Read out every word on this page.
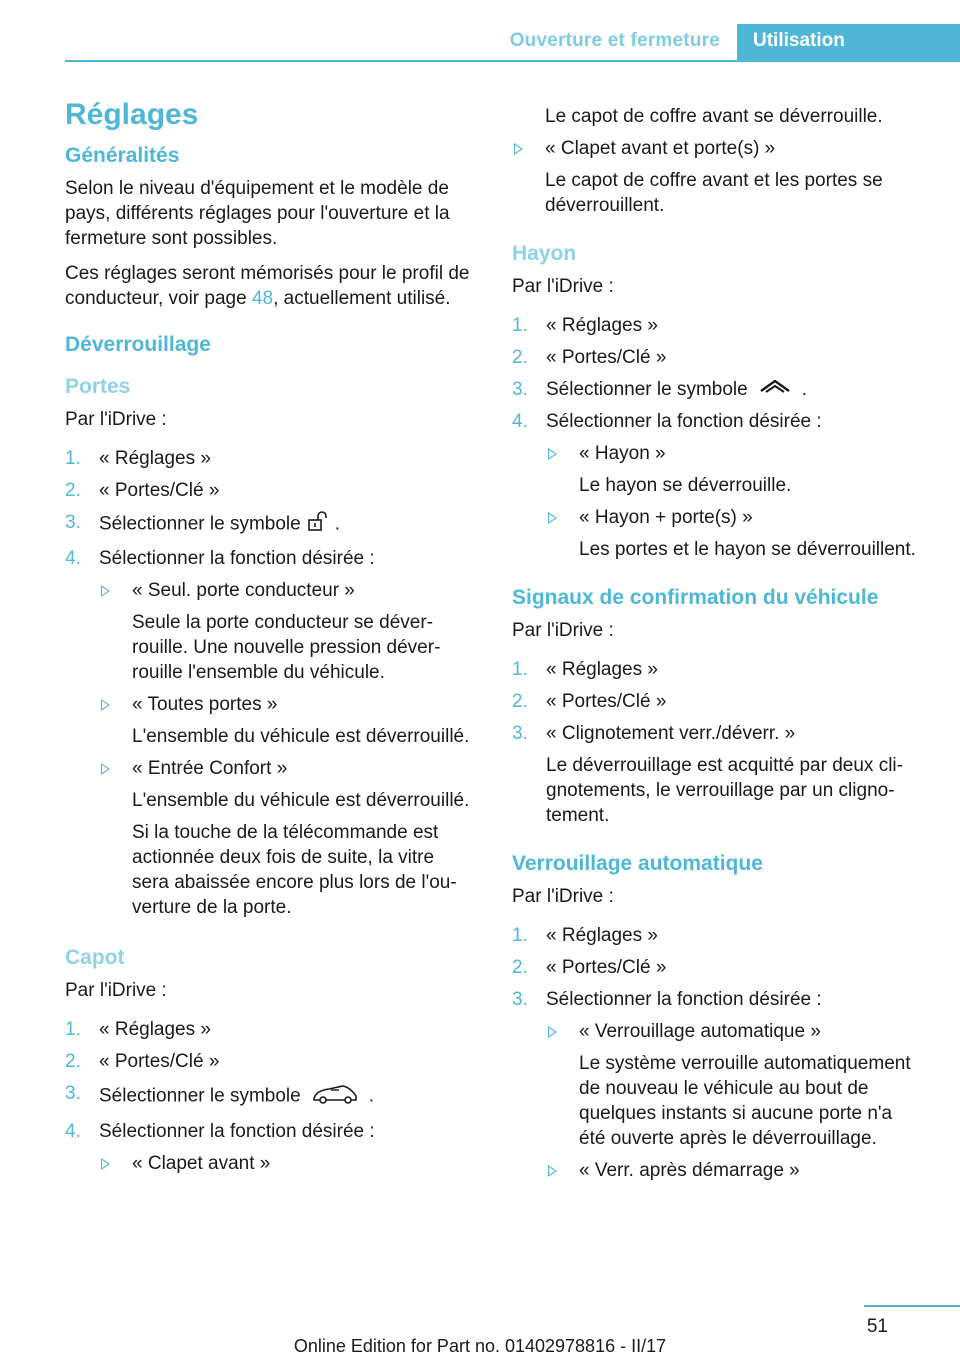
Ouverture et fermeture	Utilisation
Réglages
Généralités

Selon le niveau d'équipement et le modèle de pays, différents réglages pour l'ouverture et la fermeture sont possibles.

Ces réglages seront mémorisés pour le profil de conducteur, voir page 48, actuellement utilisé.

Déverrouillage
Portes

Par l'iDrive :

1. « Réglages »
2. « Portes/Clé »
3. Sélectionner le symbole .
4. Sélectionner la fonction désirée :
« Seul. porte conducteur »
Seule la porte conducteur se déverrouille. Une nouvelle pression déverrouille l'ensemble du véhicule.
« Toutes portes »
L'ensemble du véhicule est déverrouillé.
« Entrée Confort »
L'ensemble du véhicule est déverrouillé.
Si la touche de la télécommande est actionnée deux fois de suite, la vitre sera abaissée encore plus lors de l'ouverture de la porte.
Capot

Par l'iDrive :

1. « Réglages »
2. « Portes/Clé »
3. Sélectionner le symbole	.
4. Sélectionner la fonction désirée :
« Clapet avant »
Le capot de coffre avant se déverrouille.
« Clapet avant et porte(s) »
Le capot de coffre avant et les portes se déverrouillent.
Hayon

Par l'iDrive :

1. « Réglages »
2. « Portes/Clé »
3. Sélectionner le symbole	.
4. Sélectionner la fonction désirée :
« Hayon »
Le hayon se déverrouille.
« Hayon + porte(s) »
Les portes et le hayon se déverrouillent.
Signaux de confirmation du véhicule

Par l'iDrive :

1. « Réglages »
2. « Portes/Clé »
3. « Clignotement verr./déverr. »
Le déverrouillage est acquitté par deux clignotements, le verrouillage par un clignotement.
Verrouillage automatique

Par l'iDrive :

1. « Réglages »
2. « Portes/Clé »
3. Sélectionner la fonction désirée :
« Verrouillage automatique »
Le système verrouille automatiquement de nouveau le véhicule au bout de quelques instants si aucune porte n'a été ouverte après le déverrouillage.
« Verr. après démarrage »
51
Online Edition for Part no. 01402978816 - II/17
